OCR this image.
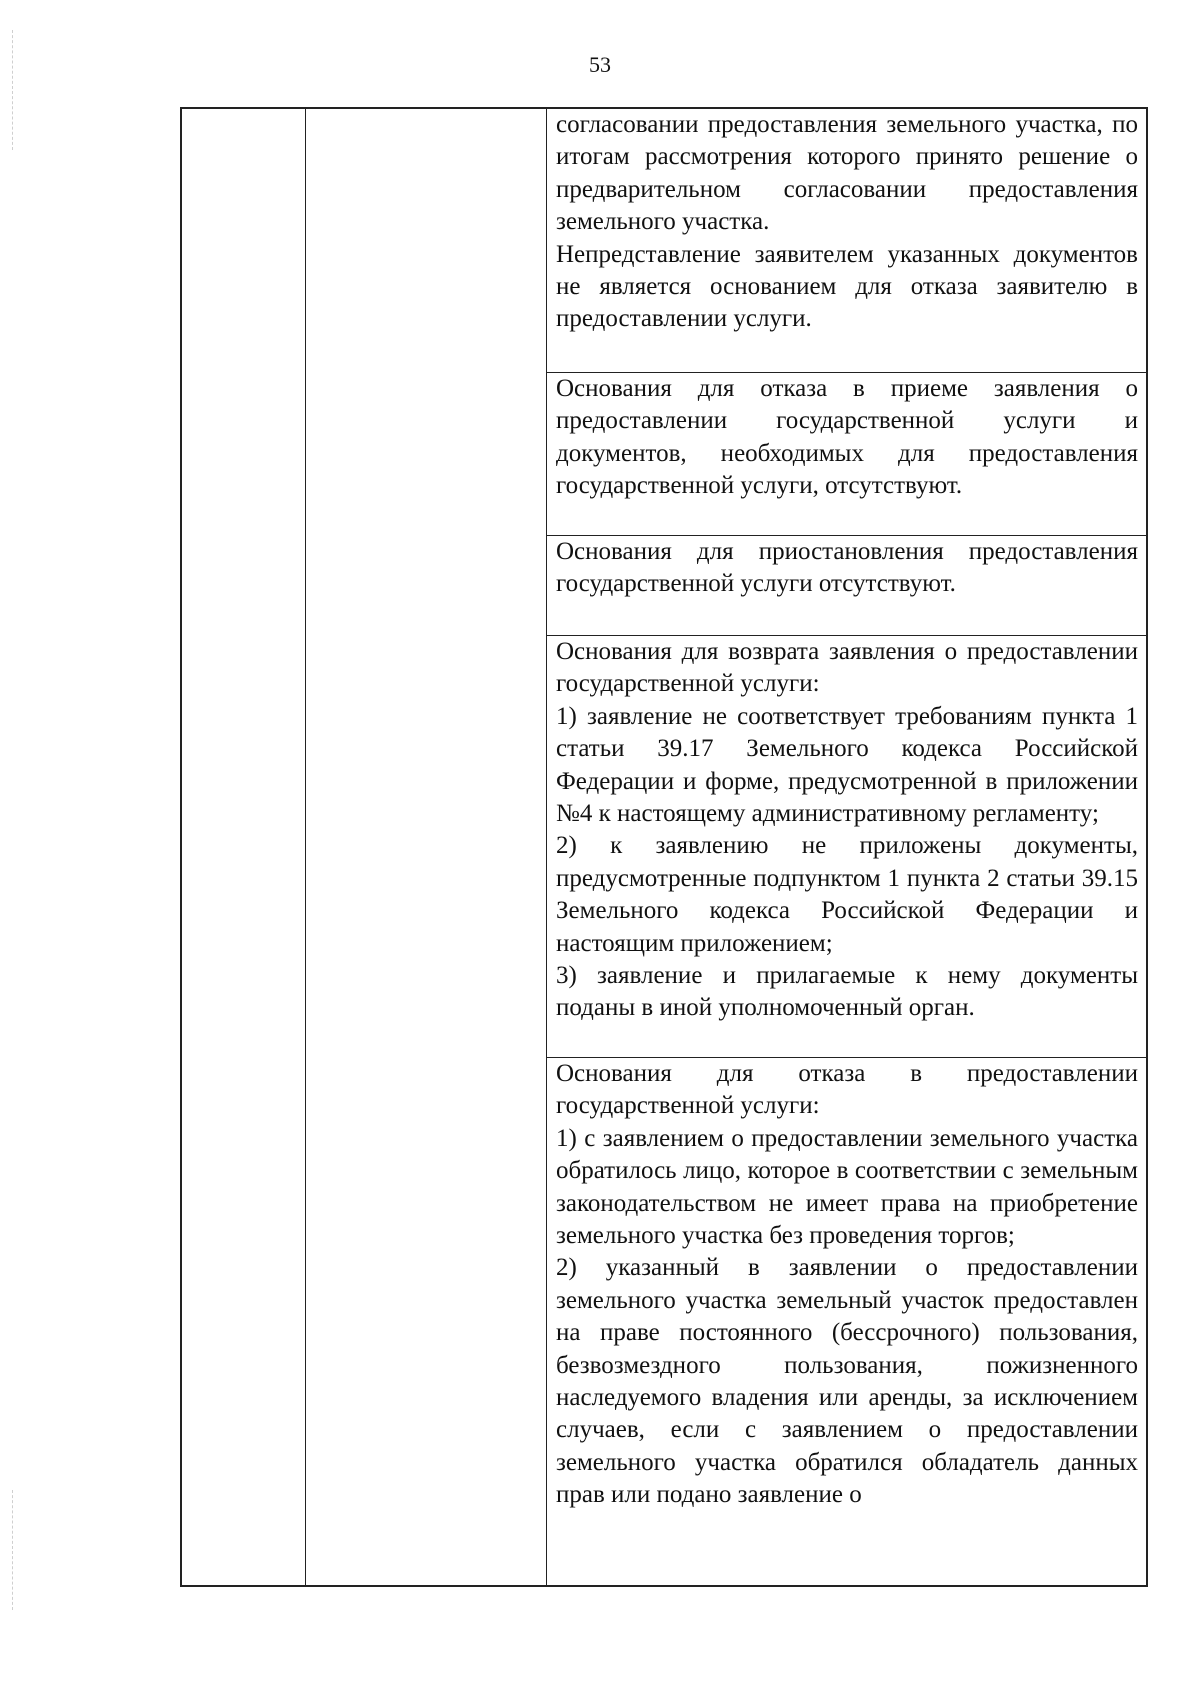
53

согласовании предоставления земельного участка, по итогам рассмотрения которого принято решение о предварительном согласовании предоставления земельного участка.

Непредставление заявителем указанных документов не является основанием для отказа заявителю в предоставлении услуги.

Основания для отказа в приеме заявления о предоставлении государственной услуги и документов, необходимых для предоставления государственной услуги, отсутствуют.

Основания для приостановления предоставления государственной услуги отсутствуют.

Основания для возврата заявления о предоставлении государственной услуги:

1) заявление не соответствует требованиям пункта 1 статьи 39.17 Земельного кодекса Российской Федерации и форме, предусмотренной в приложении №4 к настоящему административному регламенту;

2) к заявлению не приложены документы, предусмотренные подпунктом 1 пункта 2 статьи 39.15 Земельного кодекса Российской Федерации и настоящим приложением;

3) заявление и прилагаемые к нему документы поданы в иной уполномоченный орган.

Основания для отказа в предоставлении государственной услуги:

1) с заявлением о предоставлении земельного участка обратилось лицо, которое в соответствии с земельным законодательством не имеет права на приобретение земельного участка без проведения торгов;

2) указанный в заявлении о предоставлении земельного участка земельный участок предоставлен на праве постоянного (бессрочного) пользования, безвозмездного пользования, пожизненного наследуемого владения или аренды, за исключением случаев, если с заявлением о предоставлении земельного участка обратился обладатель данных прав или подано заявление о
